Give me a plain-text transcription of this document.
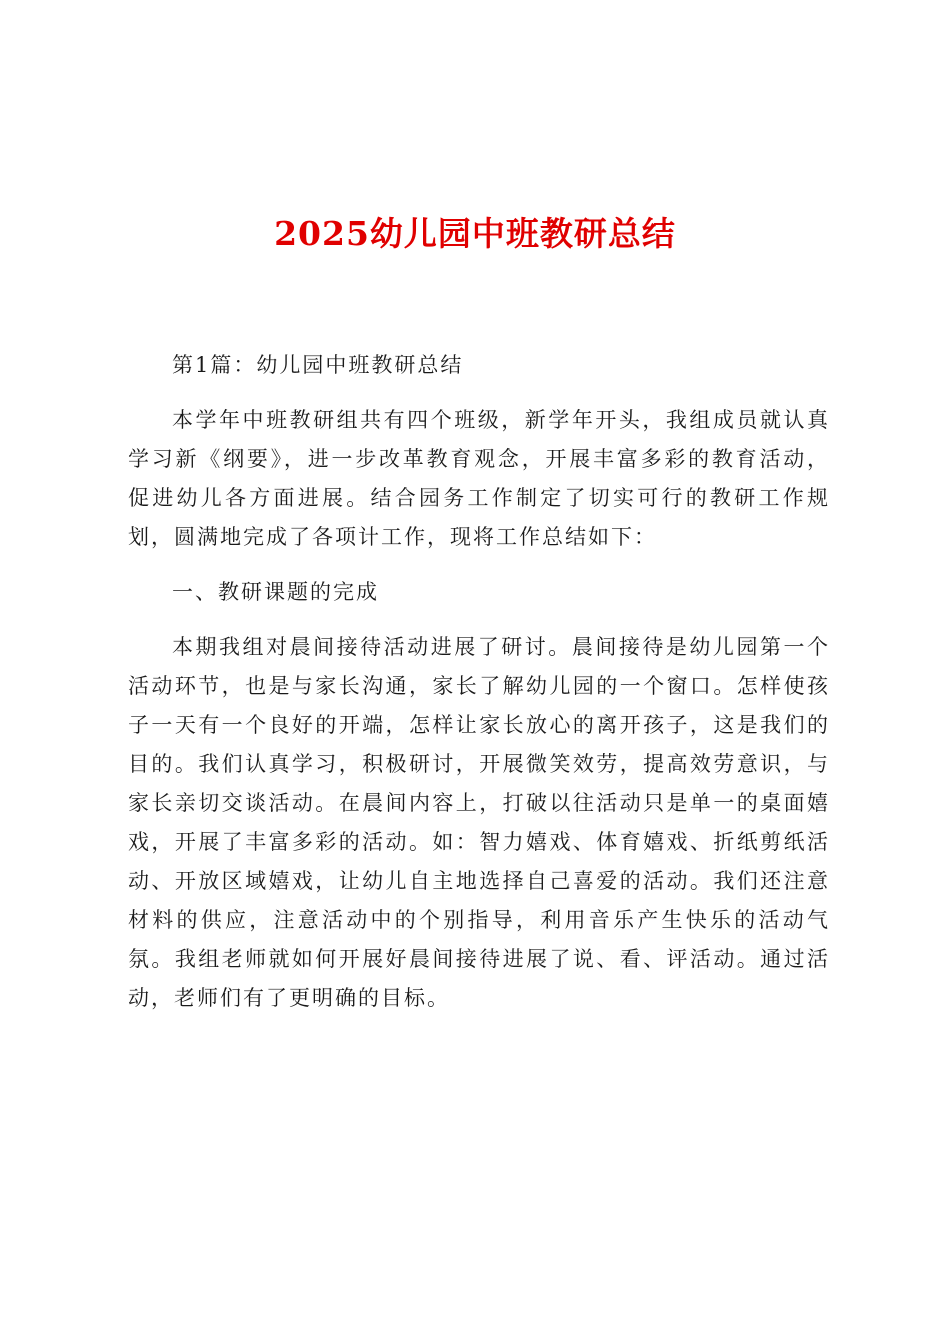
2025幼儿园中班教研总结

第1篇：幼儿园中班教研总结

本学年中班教研组共有四个班级，新学年开头，我组成员就认真学习新《纲要》，进一步改革教育观念，开展丰富多彩的教育活动，促进幼儿各方面进展。结合园务工作制定了切实可行的教研工作规划，圆满地完成了各项计工作，现将工作总结如下：

一、教研课题的完成

本期我组对晨间接待活动进展了研讨。晨间接待是幼儿园第一个活动环节，也是与家长沟通，家长了解幼儿园的一个窗口。怎样使孩子一天有一个良好的开端，怎样让家长放心的离开孩子，这是我们的目的。我们认真学习，积极研讨，开展微笑效劳，提高效劳意识，与家长亲切交谈活动。在晨间内容上，打破以往活动只是单一的桌面嬉戏，开展了丰富多彩的活动。如：智力嬉戏、体育嬉戏、折纸剪纸活动、开放区域嬉戏，让幼儿自主地选择自己喜爱的活动。我们还注意材料的供应，注意活动中的个别指导，利用音乐产生快乐的活动气氛。我组老师就如何开展好晨间接待进展了说、看、评活动。通过活动，老师们有了更明确的目标。
